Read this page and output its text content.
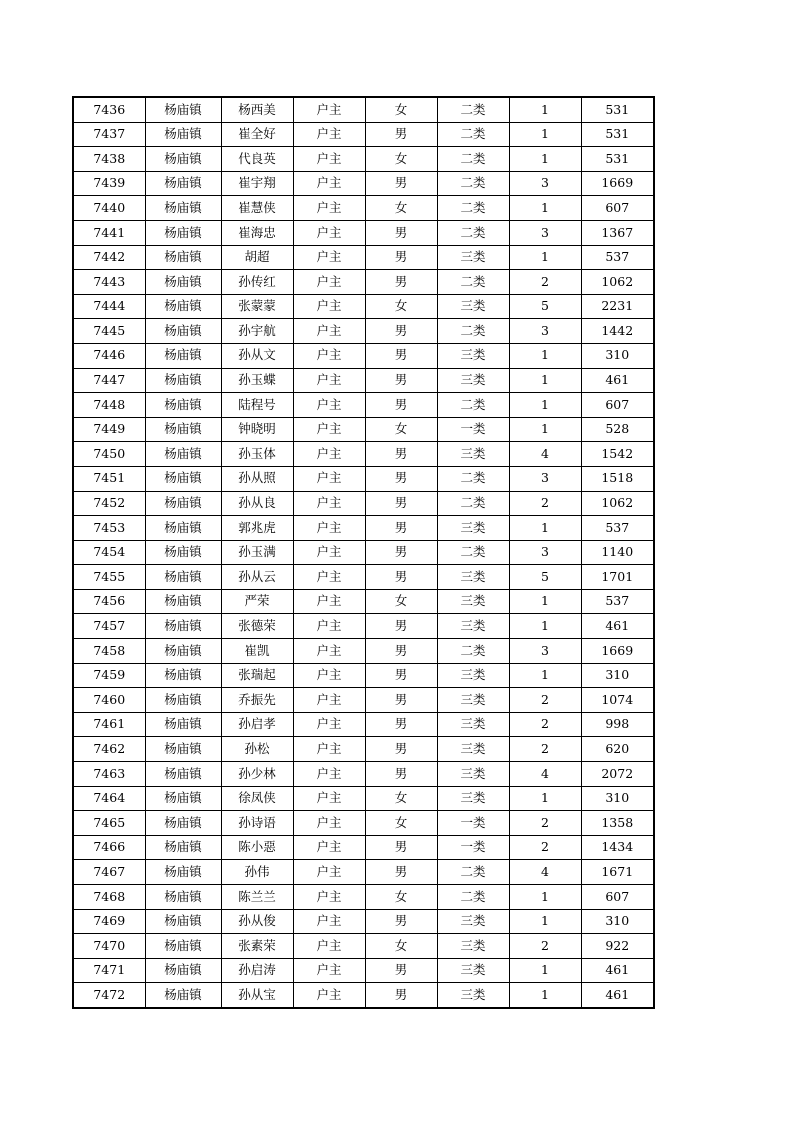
7436	杨庙镇	杨西美	户主	女	二类	1	531
7437	杨庙镇	崔全好	户主	男	二类	1	531
7438	杨庙镇	代良英	户主	女	二类	1	531
7439	杨庙镇	崔宇翔	户主	男	二类	3	1669
7440	杨庙镇	崔慧侠	户主	女	二类	1	607
7441	杨庙镇	崔海忠	户主	男	二类	3	1367
7442	杨庙镇	胡超	户主	男	三类	1	537
7443	杨庙镇	孙传红	户主	男	二类	2	1062
7444	杨庙镇	张蒙蒙	户主	女	三类	5	2231
7445	杨庙镇	孙宇航	户主	男	二类	3	1442
7446	杨庙镇	孙从文	户主	男	三类	1	310
7447	杨庙镇	孙玉蝶	户主	男	三类	1	461
7448	杨庙镇	陆程号	户主	男	二类	1	607
7449	杨庙镇	钟晓明	户主	女	一类	1	528
7450	杨庙镇	孙玉体	户主	男	三类	4	1542
7451	杨庙镇	孙从照	户主	男	二类	3	1518
7452	杨庙镇	孙从良	户主	男	二类	2	1062
7453	杨庙镇	郭兆虎	户主	男	三类	1	537
7454	杨庙镇	孙玉满	户主	男	二类	3	1140
7455	杨庙镇	孙从云	户主	男	三类	5	1701
7456	杨庙镇	严荣	户主	女	三类	1	537
7457	杨庙镇	张德荣	户主	男	三类	1	461
7458	杨庙镇	崔凯	户主	男	二类	3	1669
7459	杨庙镇	张瑞起	户主	男	三类	1	310
7460	杨庙镇	乔振先	户主	男	三类	2	1074
7461	杨庙镇	孙启孝	户主	男	三类	2	998
7462	杨庙镇	孙松	户主	男	三类	2	620
7463	杨庙镇	孙少林	户主	男	三类	4	2072
7464	杨庙镇	徐凤侠	户主	女	三类	1	310
7465	杨庙镇	孙诗语	户主	女	一类	2	1358
7466	杨庙镇	陈小惡	户主	男	一类	2	1434
7467	杨庙镇	孙伟	户主	男	二类	4	1671
7468	杨庙镇	陈兰兰	户主	女	二类	1	607
7469	杨庙镇	孙从俊	户主	男	三类	1	310
7470	杨庙镇	张素荣	户主	女	三类	2	922
7471	杨庙镇	孙启涛	户主	男	三类	1	461
7472	杨庙镇	孙从宝	户主	男	三类	1	461
